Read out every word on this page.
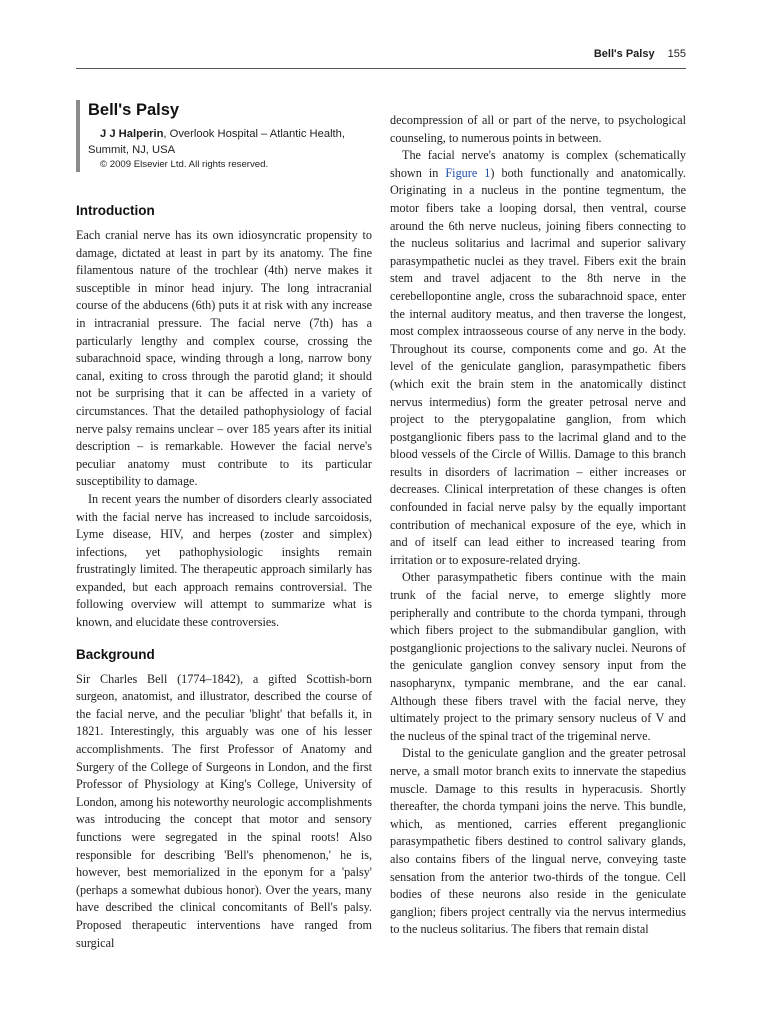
Bell's Palsy 155
Bell's Palsy

J J Halperin, Overlook Hospital – Atlantic Health, Summit, NJ, USA

© 2009 Elsevier Ltd. All rights reserved.

Introduction

Each cranial nerve has its own idiosyncratic propensity to damage, dictated at least in part by its anatomy. The fine filamentous nature of the trochlear (4th) nerve makes it susceptible in minor head injury. The long intracranial course of the abducens (6th) puts it at risk with any increase in intracranial pressure. The facial nerve (7th) has a particularly lengthy and complex course, crossing the subarachnoid space, winding through a long, narrow bony canal, exiting to cross through the parotid gland; it should not be surprising that it can be affected in a variety of circumstances. That the detailed pathophysiology of facial nerve palsy remains unclear – over 185 years after its initial description – is remarkable. However the facial nerve's peculiar anatomy must contribute to its particular susceptibility to damage.

In recent years the number of disorders clearly associated with the facial nerve has increased to include sarcoidosis, Lyme disease, HIV, and herpes (zoster and simplex) infections, yet pathophysiologic insights remain frustratingly limited. The therapeutic approach similarly has expanded, but each approach remains controversial. The following overview will attempt to summarize what is known, and elucidate these controversies.

Background

Sir Charles Bell (1774–1842), a gifted Scottish-born surgeon, anatomist, and illustrator, described the course of the facial nerve, and the peculiar 'blight' that befalls it, in 1821. Interestingly, this arguably was one of his lesser accomplishments. The first Professor of Anatomy and Surgery of the College of Surgeons in London, and the first Professor of Physiology at King's College, University of London, among his noteworthy neurologic accomplishments was introducing the concept that motor and sensory functions were segregated in the spinal roots! Also responsible for describing 'Bell's phenomenon,' he is, however, best memorialized in the eponym for a 'palsy' (perhaps a somewhat dubious honor). Over the years, many have described the clinical concomitants of Bell's palsy. Proposed therapeutic interventions have ranged from surgical

decompression of all or part of the nerve, to psychological counseling, to numerous points in between.

The facial nerve's anatomy is complex (schematically shown in Figure 1) both functionally and anatomically. Originating in a nucleus in the pontine tegmentum, the motor fibers take a looping dorsal, then ventral, course around the 6th nerve nucleus, joining fibers connecting to the nucleus solitarius and lacrimal and superior salivary parasympathetic nuclei as they travel. Fibers exit the brain stem and travel adjacent to the 8th nerve in the cerebellopontine angle, cross the subarachnoid space, enter the internal auditory meatus, and then traverse the longest, most complex intraosseous course of any nerve in the body. Throughout its course, components come and go. At the level of the geniculate ganglion, parasympathetic fibers (which exit the brain stem in the anatomically distinct nervus intermedius) form the greater petrosal nerve and project to the pterygopalatine ganglion, from which postganglionic fibers pass to the lacrimal gland and to the blood vessels of the Circle of Willis. Damage to this branch results in disorders of lacrimation – either increases or decreases. Clinical interpretation of these changes is often confounded in facial nerve palsy by the equally important contribution of mechanical exposure of the eye, which in and of itself can lead either to increased tearing from irritation or to exposure-related drying.

Other parasympathetic fibers continue with the main trunk of the facial nerve, to emerge slightly more peripherally and contribute to the chorda tympani, through which fibers project to the submandibular ganglion, with postganglionic projections to the salivary nuclei. Neurons of the geniculate ganglion convey sensory input from the nasopharynx, tympanic membrane, and the ear canal. Although these fibers travel with the facial nerve, they ultimately project to the primary sensory nucleus of V and the nucleus of the spinal tract of the trigeminal nerve.

Distal to the geniculate ganglion and the greater petrosal nerve, a small motor branch exits to innervate the stapedius muscle. Damage to this results in hyperacusis. Shortly thereafter, the chorda tympani joins the nerve. This bundle, which, as mentioned, carries efferent preganglionic parasympathetic fibers destined to control salivary glands, also contains fibers of the lingual nerve, conveying taste sensation from the anterior two-thirds of the tongue. Cell bodies of these neurons also reside in the geniculate ganglion; fibers project centrally via the nervus intermedius to the nucleus solitarius. The fibers that remain distal
